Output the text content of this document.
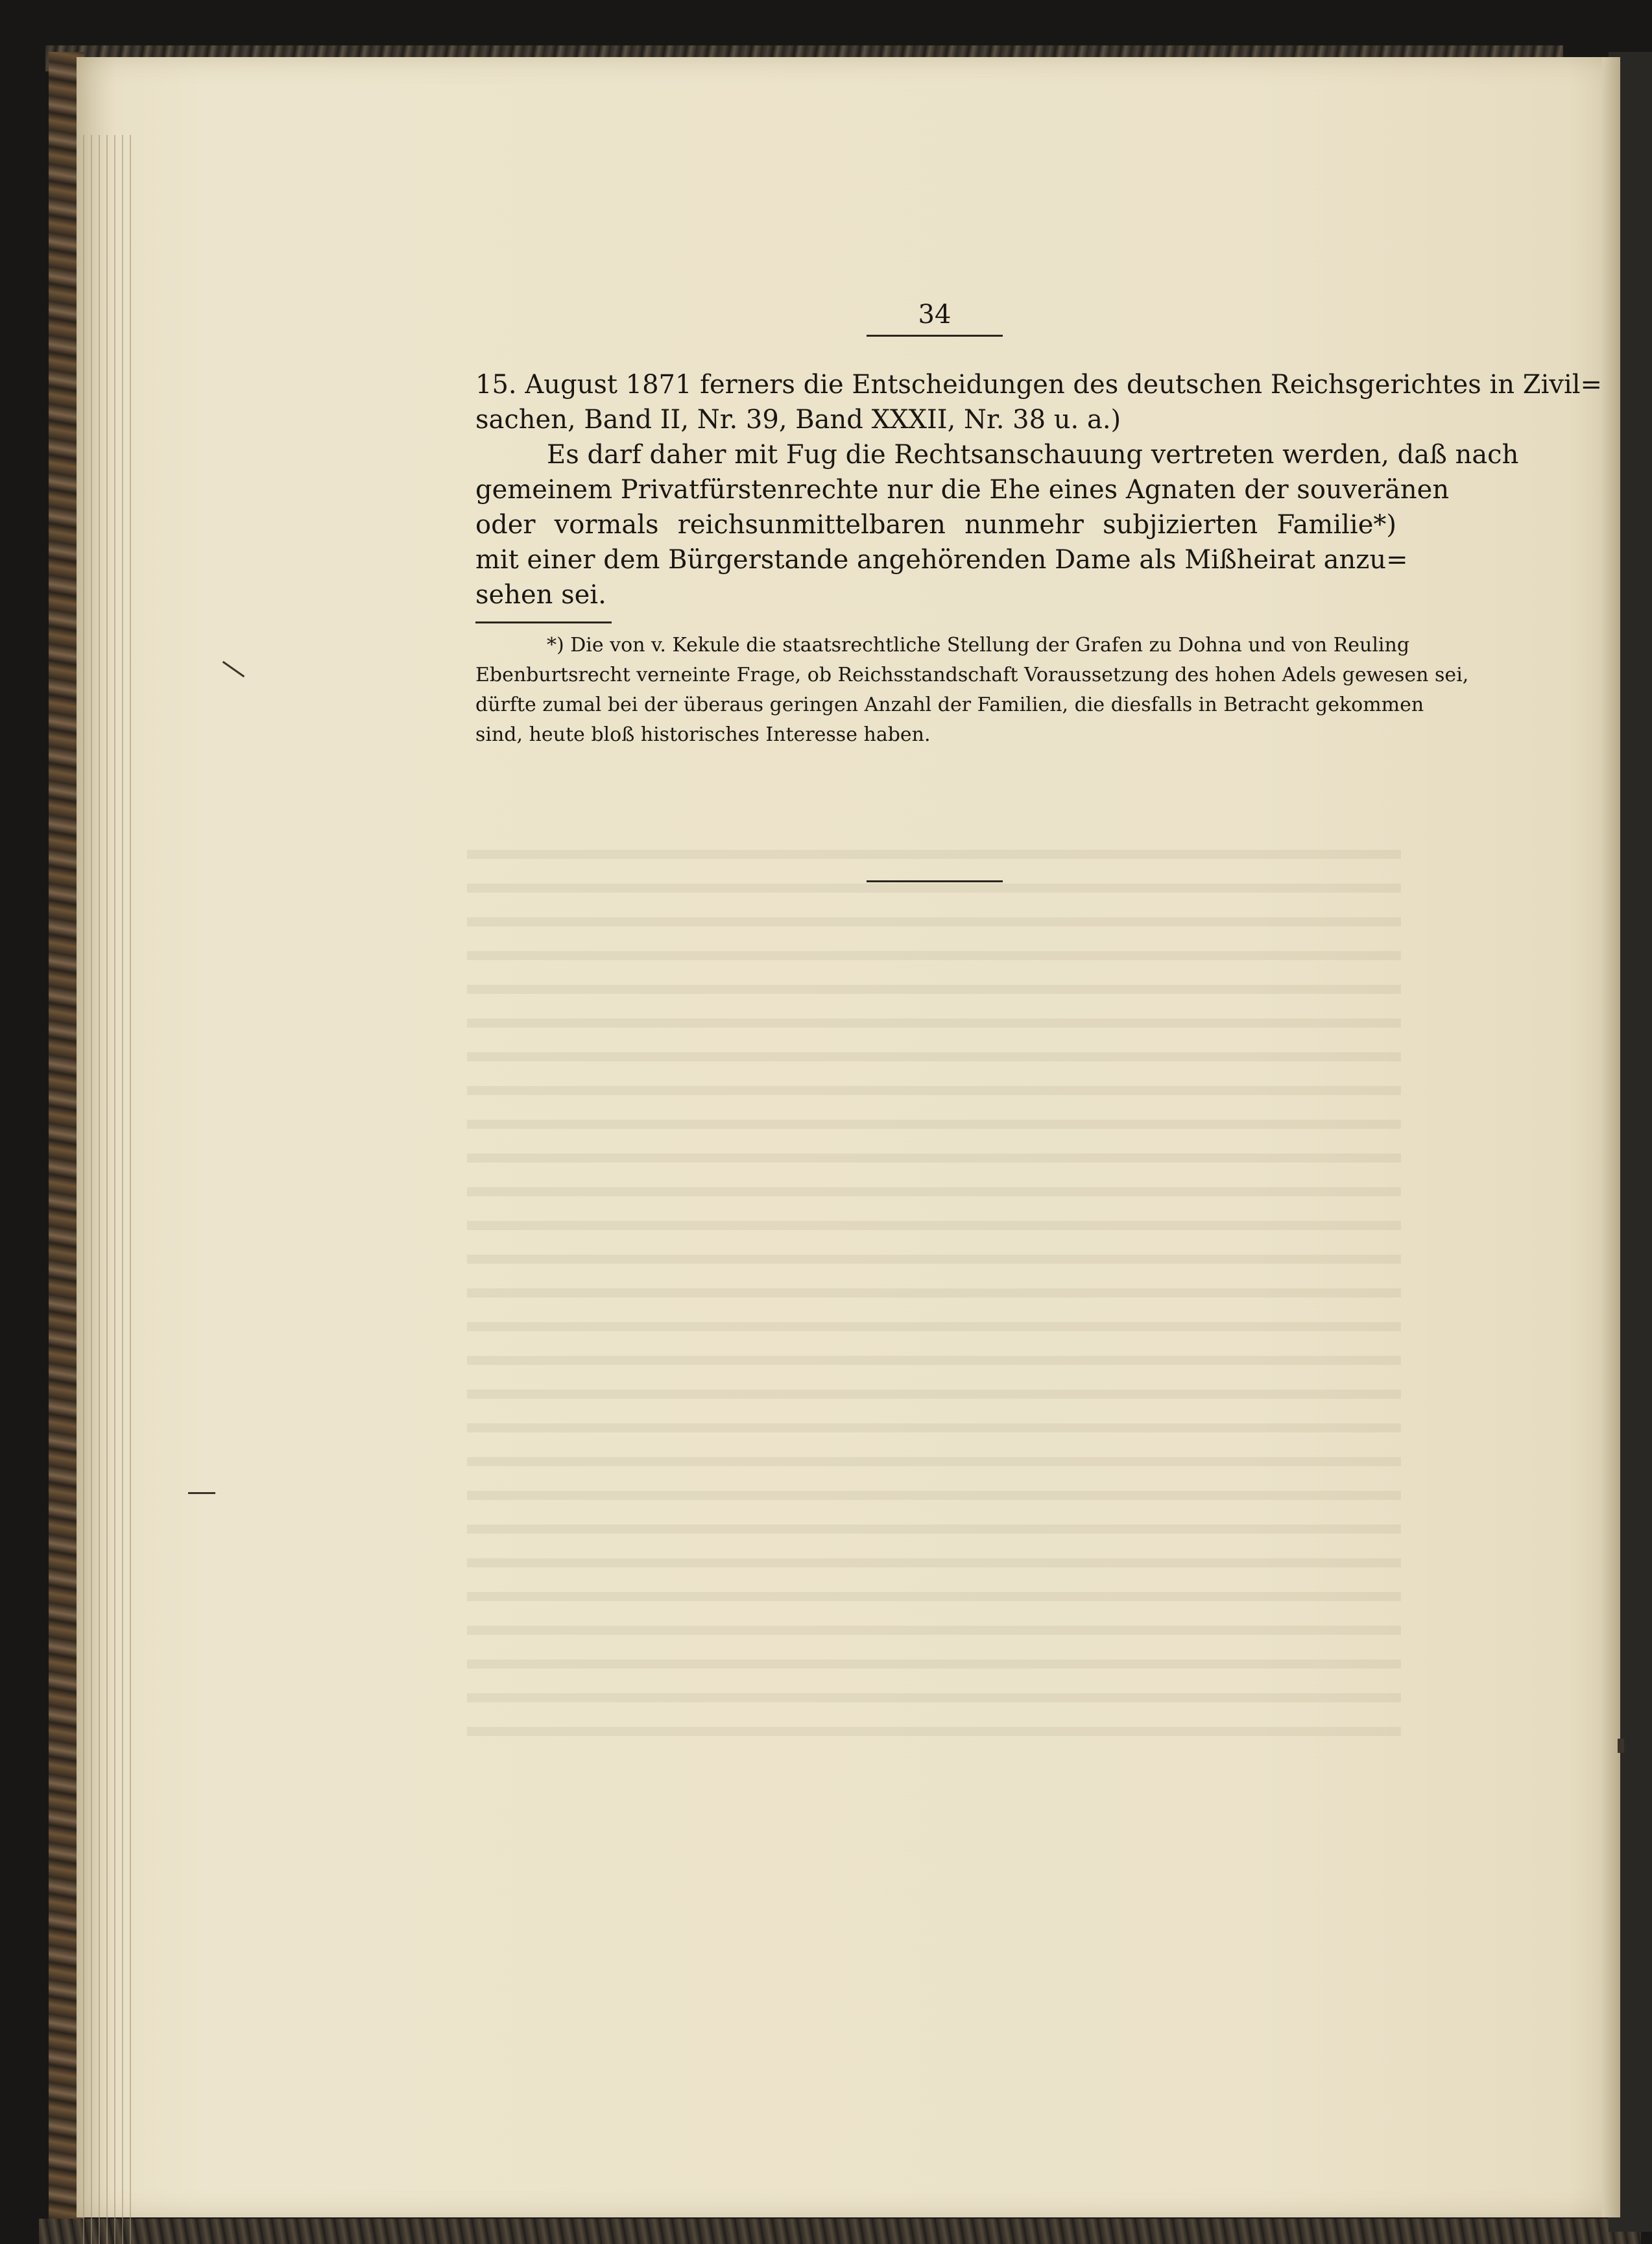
34
15. August 1871 ferners die Entscheidungen des deutschen Reichsgerichtes in Zivil=
sachen, Band II, Nr. 39, Band XXXII, Nr. 38 u. a.)
Es darf daher mit Fug die Rechtsanschauung vertreten werden, daß nach
gemeinem Privatfürstenrechte nur die Ehe eines Agnaten der souveränen
oder vormals reichsunmittelbaren nunmehr subjizierten Familie*)
mit einer dem Bürgerstande angehörenden Dame als Mißheirat anzu=
sehen sei.
*) Die von v. Kekule die staatsrechtliche Stellung der Grafen zu Dohna und von Reuling
Ebenburtsrecht verneinte Frage, ob Reichsstandschaft Voraussetzung des hohen Adels gewesen sei,
dürfte zumal bei der überaus geringen Anzahl der Familien, die diesfalls in Betracht gekommen
sind, heute bloß historisches Interesse haben.
